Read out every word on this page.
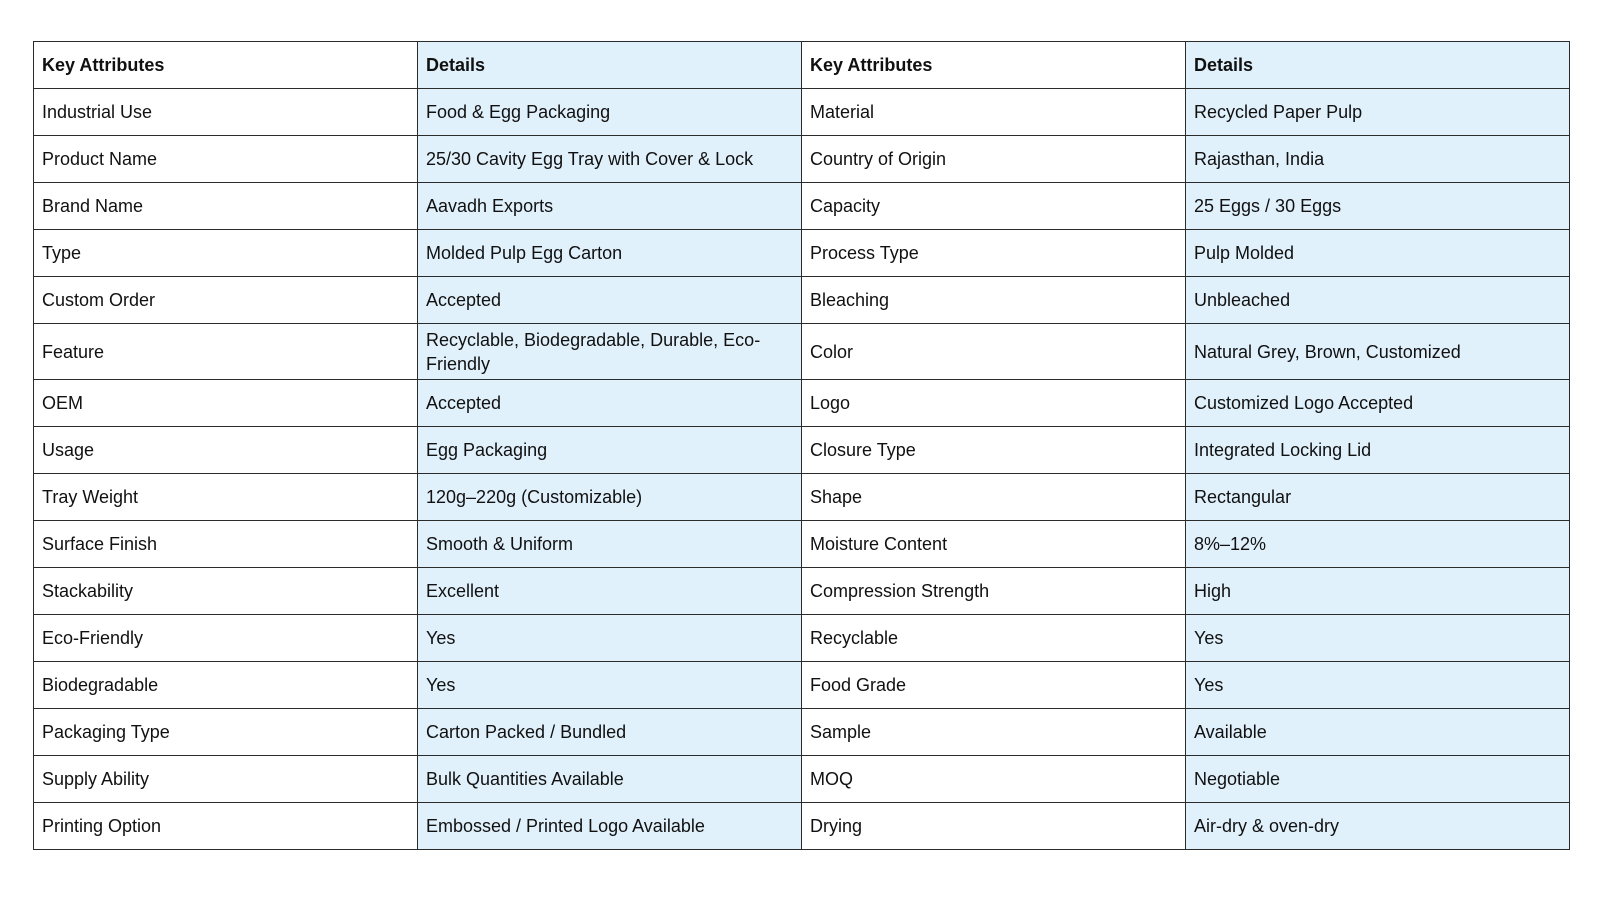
Key Attributes	Details	Key Attributes	Details
Industrial Use	Food & Egg Packaging	Material	Recycled Paper Pulp
Product Name	25/30 Cavity Egg Tray with Cover & Lock	Country of Origin	Rajasthan, India
Brand Name	Aavadh Exports	Capacity	25 Eggs / 30 Eggs
Type	Molded Pulp Egg Carton	Process Type	Pulp Molded
Custom Order	Accepted	Bleaching	Unbleached
Feature	Recyclable, Biodegradable, Durable, Eco-Friendly	Color	Natural Grey, Brown, Customized
OEM	Accepted	Logo	Customized Logo Accepted
Usage	Egg Packaging	Closure Type	Integrated Locking Lid
Tray Weight	120g–220g (Customizable)	Shape	Rectangular
Surface Finish	Smooth & Uniform	Moisture Content	8%–12%
Stackability	Excellent	Compression Strength	High
Eco-Friendly	Yes	Recyclable	Yes
Biodegradable	Yes	Food Grade	Yes
Packaging Type	Carton Packed / Bundled	Sample	Available
Supply Ability	Bulk Quantities Available	MOQ	Negotiable
Printing Option	Embossed / Printed Logo Available	Drying	Air-dry & oven-dry
